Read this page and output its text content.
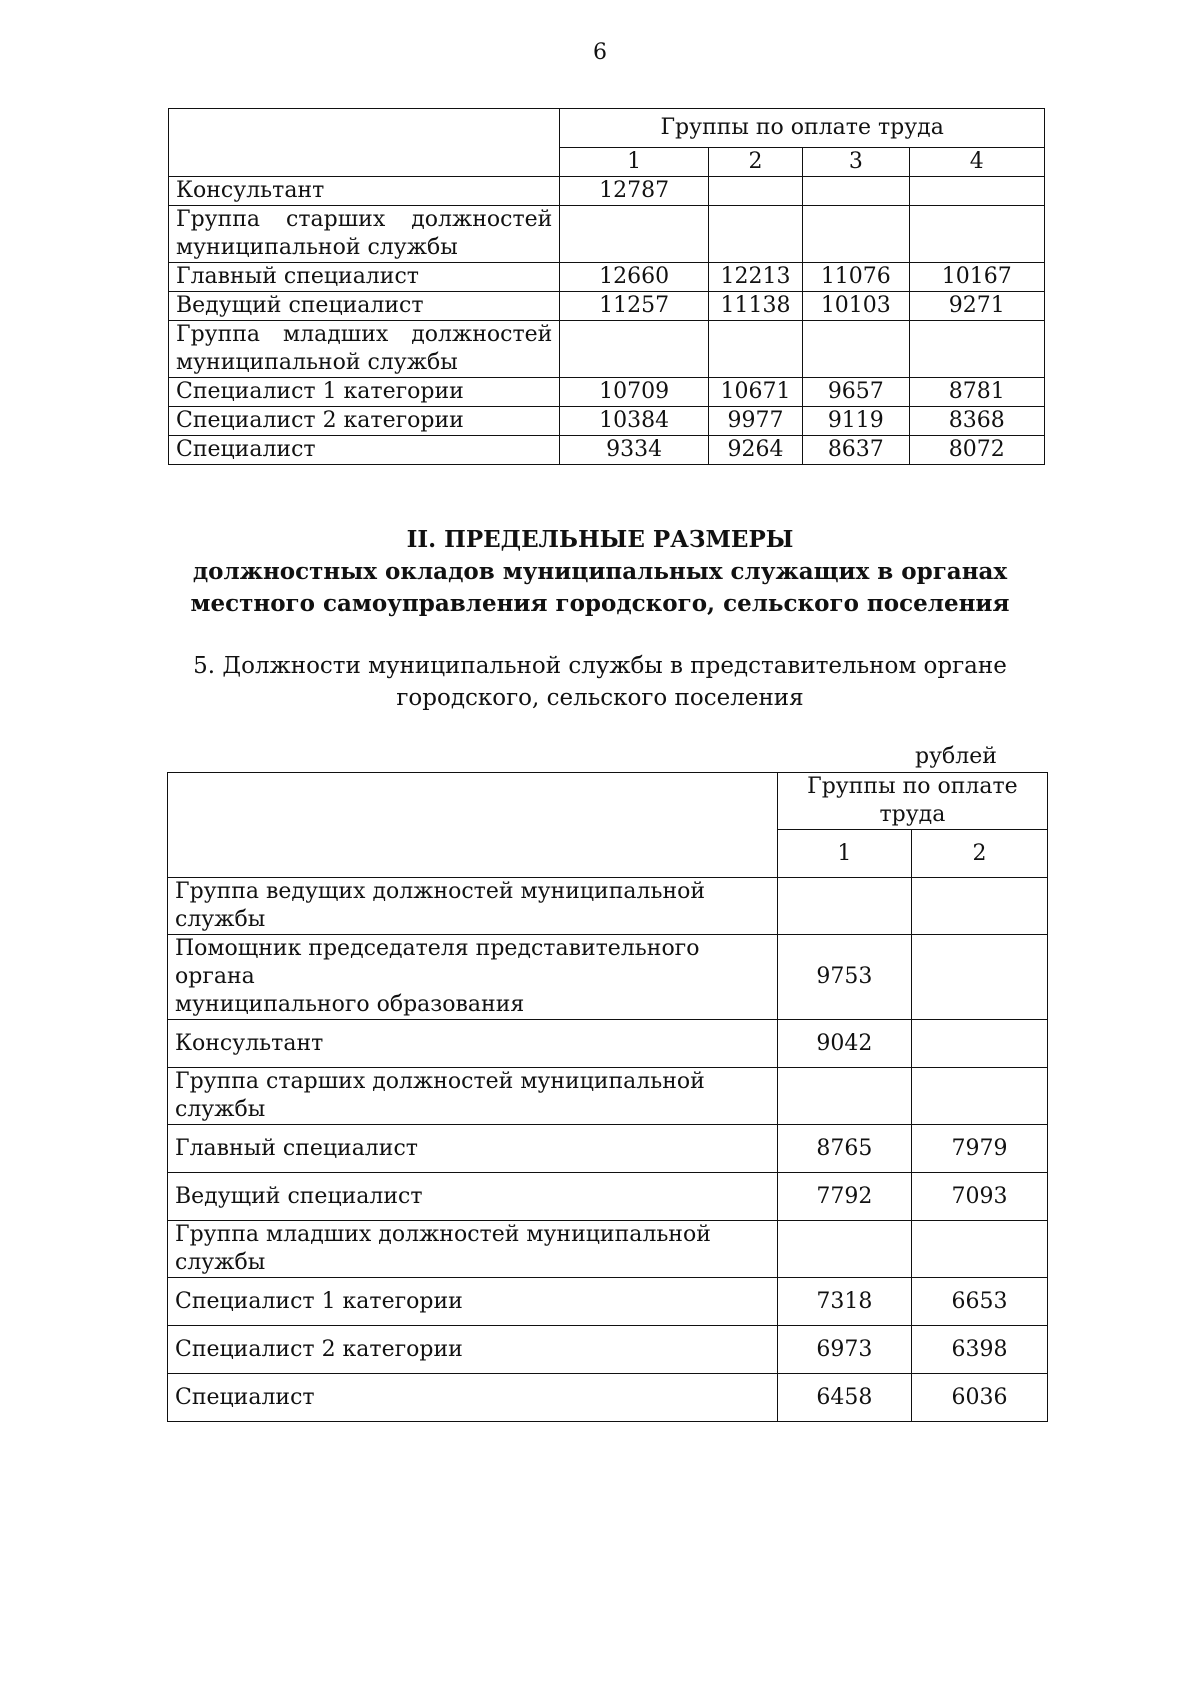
6
	Группы по оплате труда			
	1	2	3	4
Консультант	12787			

Группа старших должностей
муниципальной службы				
Главный специалист	12660	12213	11076	10167
Ведущий специалист	11257	11138	10103	9271

Группа младших должностей
муниципальной службы				
Специалист 1 категории	10709	10671	9657	8781
Специалист 2 категории	10384	9977	9119	8368
Специалист	9334	9264	8637	8072
II. ПРЕДЕЛЬНЫЕ РАЗМЕРЫ
должностных окладов муниципальных служащих в органах
местного самоуправления городского, сельского поселения
5. Должности муниципальной службы в представительном органе
городского, сельского поселения
рублей
	Группы по оплате труда	
	1	2
Группа ведущих должностей муниципальной службы		

Помощник председателя представительного органа
муниципального образования	9753	
Консультант	9042	
Группа старших должностей муниципальной службы		
Главный специалист	8765	7979
Ведущий специалист	7792	7093
Группа младших должностей муниципальной службы		
Специалист 1 категории	7318	6653
Специалист 2 категории	6973	6398
Специалист	6458	6036
